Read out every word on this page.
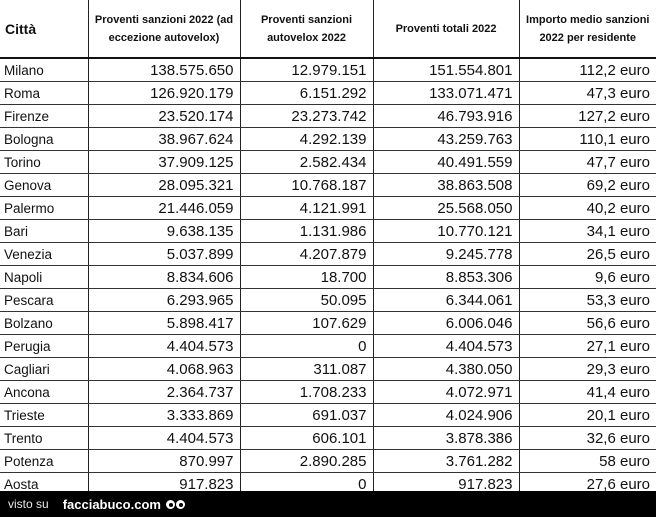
Città	Proventi sanzioni 2022 (ad eccezione autovelox)	Proventi sanzioni autovelox 2022	Proventi totali 2022	Importo medio sanzioni 2022 per residente
Milano	138.575.650	12.979.151	151.554.801	112,2 euro
Roma	126.920.179	6.151.292	133.071.471	47,3 euro
Firenze	23.520.174	23.273.742	46.793.916	127,2 euro
Bologna	38.967.624	4.292.139	43.259.763	110,1 euro
Torino	37.909.125	2.582.434	40.491.559	47,7 euro
Genova	28.095.321	10.768.187	38.863.508	69,2 euro
Palermo	21.446.059	4.121.991	25.568.050	40,2 euro
Bari	9.638.135	1.131.986	10.770.121	34,1 euro
Venezia	5.037.899	4.207.879	9.245.778	26,5 euro
Napoli	8.834.606	18.700	8.853.306	9,6 euro
Pescara	6.293.965	50.095	6.344.061	53,3 euro
Bolzano	5.898.417	107.629	6.006.046	56,6 euro
Perugia	4.404.573	0	4.404.573	27,1 euro
Cagliari	4.068.963	311.087	4.380.050	29,3 euro
Ancona	2.364.737	1.708.233	4.072.971	41,4 euro
Trieste	3.333.869	691.037	4.024.906	20,1 euro
Trento	4.404.573	606.101	3.878.386	32,6 euro
Potenza	870.997	2.890.285	3.761.282	58 euro
Aosta	917.823	0	917.823	27,6 euro
visto su facciabuco.com
